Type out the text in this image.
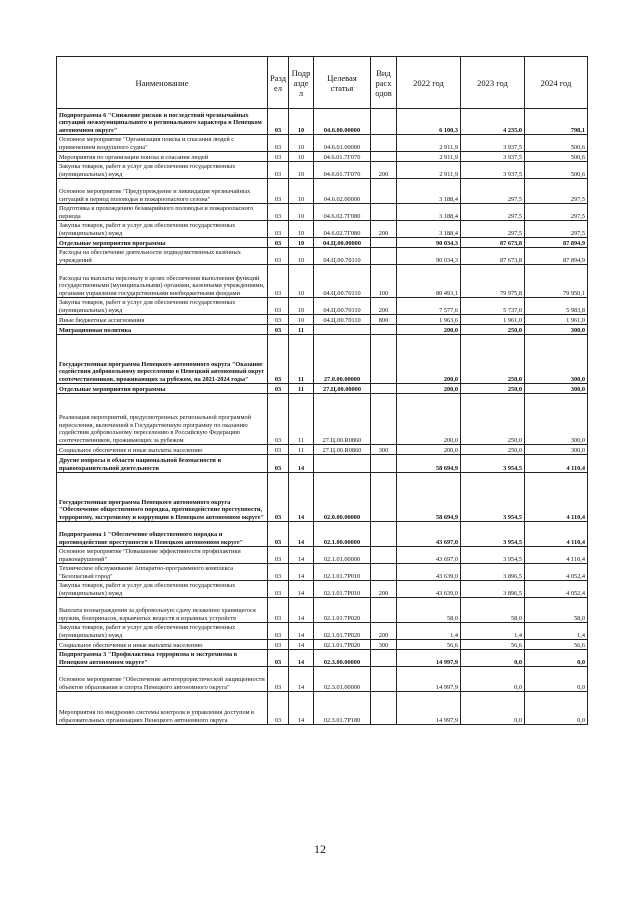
Наименование	Разд ел	Подр азде л	Целевая статья	Вид расх одов	2022 год	2023 год	2024 год
Подпрограмма 6 "Снижение рисков и последствий чрезвычайных ситуаций межмуниципального и регионального характера в Ненецком автономном округе"	03	10	04.6.00.00000		6 100,3	4 235,0	798,1
Основное мероприятие "Организация поиска и спасания людей с применением воздушного судна"	03	10	04.6.01.00000		2 911,9	3 937,5	500,6
Мероприятия по организации поиска и спасания людей	03	10	04.6.01.7Г070		2 911,9	3 937,5	500,6
Закупка товаров, работ и услуг для обеспечения государственных (муниципальных) нужд	03	10	04.6.01.7Г070	200	2 911,9	3 937,5	500,6
Основное мероприятие "Предупреждение и ликвидация чрезвычайных ситуаций в период половодья и пожароопасного сезона"	03	10	04.6.02.00000		3 188,4	297,5	297,5
Подготовка к прохождению безаварийного половодья и пожароопасного периода	03	10	04.6.02.7Г080		3 188,4	297,5	297,5
Закупка товаров, работ и услуг для обеспечения государственных (муниципальных) нужд	03	10	04.6.02.7Г080	200	3 188,4	297,5	297,5
Отдельные мероприятия программы	03	10	04.Ц.00.00000		90 034,3	87 673,8	87 894,9
Расходы на обеспечение деятельности подведомственных казённых учреждений	03	10	04.Ц.00.70110		90 034,3	87 673,8	87 894,9
Расходы на выплаты персоналу в целях обеспечения выполнения функций государственными (муниципальными) органами, казенными учреждениями, органами управления государственными внебюджетными фондами	03	10	04.Ц.00.70110	100	80 493,1	79 975,8	79 950,1
Закупка товаров, работ и услуг для обеспечения государственных (муниципальных) нужд	03	10	04.Ц.00.70110	200	7 577,6	5 737,0	5 983,8
Иные бюджетные ассигнования	03	10	04.Ц.00.70110	800	1 963,6	1 961,0	1 961,0
Миграционная политика	03	11			200,0	250,0	300,0
Государственная программа Ненецкого автономного округа "Оказание содействия добровольному переселению в Ненецкий автономный округ соотечественников, проживающих за рубежом, на 2021-2024 годы"	03	11	27.0.00.00000		200,0	250,0	300,0
Отдельные мероприятия программы	03	11	27.Ц.00.00000		200,0	250,0	300,0
Реализация мероприятий, предусмотренных региональной программой переселения, включенной в Государственную программу по оказанию содействия добровольному переселению в Российскую Федерацию соотечественников, проживающих за рубежом	03	11	27.Ц.00.R0860		200,0	250,0	300,0
Социальное обеспечение и иные выплаты населению	03	11	27.Ц.00.R0860	300	200,0	250,0	300,0
Другие вопросы в области национальной безопасности и правоохранительной деятельности	03	14			58 694,9	3 954,5	4 110,4
Государственная программа Ненецкого автономного округа "Обеспечение общественного порядка, противодействие преступности, терроризму, экстремизму и коррупции в Ненецком автономном округе"	03	14	02.0.00.00000		58 694,9	3 954,5	4 110,4
Подпрограмма 1 "Обеспечение общественного порядка и противодействие преступности в Ненецком автономном округе"	03	14	02.1.00.00000		43 697,0	3 954,5	4 110,4
Основное мероприятие "Повышение эффективности профилактики правонарушений"	03	14	02.1.01.00000		43 697,0	3 954,5	4 110,4
Техническое обслуживание Аппаратно-программного комплекса "Безопасный город"	03	14	02.1.01.7Р010		43 639,0	3 896,5	4 052,4
Закупка товаров, работ и услуг для обеспечения государственных (муниципальных) нужд	03	14	02.1.01.7Р010	200	43 639,0	3 896,5	4 052,4
Выплата вознаграждения за добровольную сдачу незаконно хранящегося оружия, боеприпасов, взрывчатых веществ и взрывных устройств	03	14	02.1.01.7Р020		58,0	58,0	58,0
Закупка товаров, работ и услуг для обеспечения государственных (муниципальных) нужд	03	14	02.1.01.7Р020	200	1,4	1,4	1,4
Социальное обеспечение и иные выплаты населению	03	14	02.1.01.7Р020	300	56,6	56,6	56,6
Подпрограмма 3 "Профилактика терроризма и экстремизма в Ненецком автономном округе"	03	14	02.3.00.00000		14 997,9	0,0	0,0
Основное мероприятие "Обеспечение антитеррористической защищенности объектов образования и спорта Ненецкого автономного округа"	03	14	02.3.01.00000		14 997,9	0,0	0,0
Мероприятия по внедрению системы контроля и управления доступом в образовательных организациях Ненецкого автономного округа	03	14	02.3.01.7Р180		14 997,9	0,0	0,0
12
